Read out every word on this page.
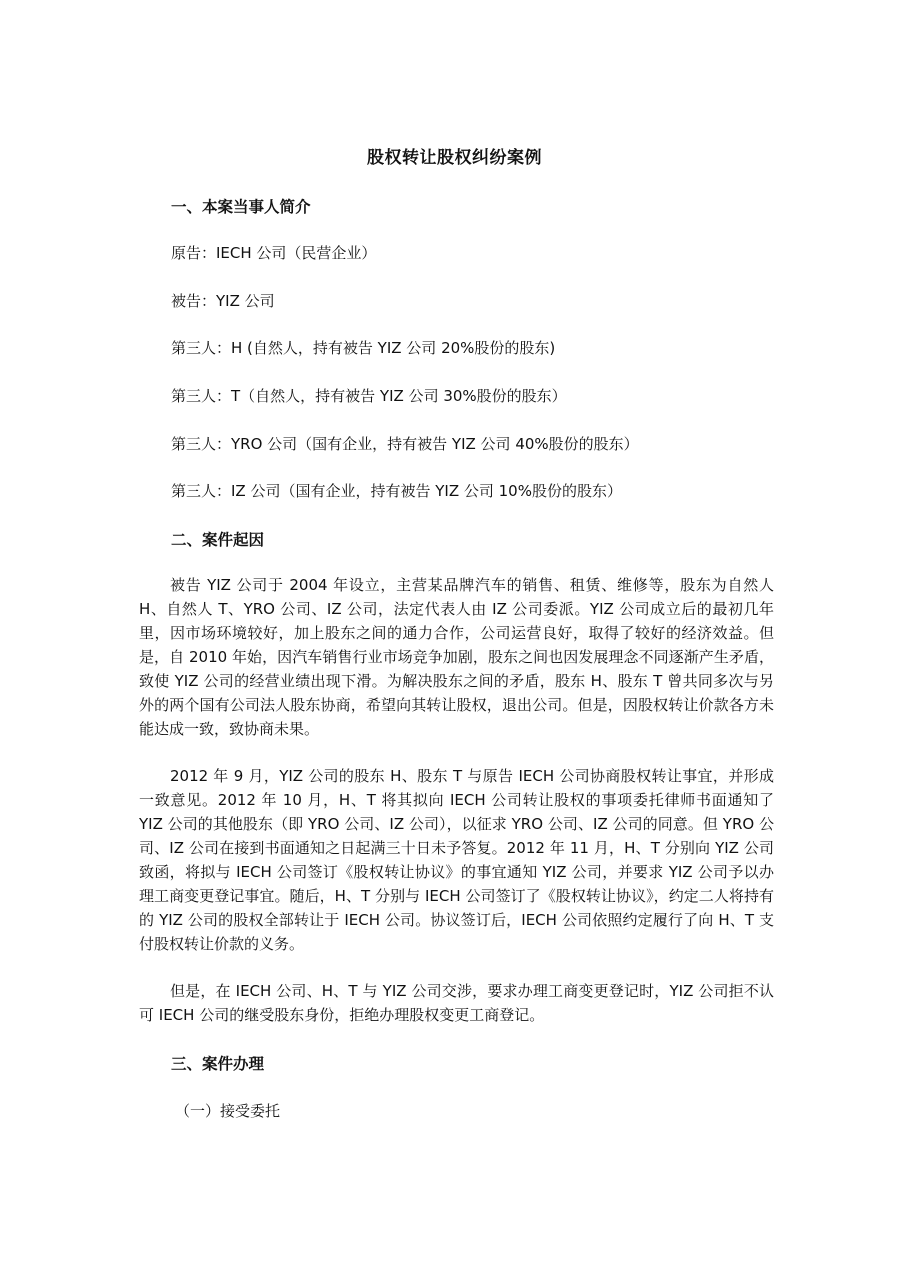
股权转让股权纠纷案例
一、本案当事人简介
原告：IECH 公司（民营企业）
被告：YIZ 公司
第三人：H (自然人，持有被告 YIZ 公司 20%股份的股东)
第三人：T（自然人，持有被告 YIZ 公司 30%股份的股东）
第三人：YRO 公司（国有企业，持有被告 YIZ 公司 40%股份的股东）
第三人：IZ 公司（国有企业，持有被告 YIZ 公司 10%股份的股东）
二、案件起因
被告 YIZ 公司于 2004 年设立，主营某品牌汽车的销售、租赁、维修等，股东为自然人 H、自然人 T、YRO 公司、IZ 公司，法定代表人由 IZ 公司委派。YIZ 公司成立后的最初几年里，因市场环境较好，加上股东之间的通力合作，公司运营良好，取得了较好的经济效益。但是，自 2010 年始，因汽车销售行业市场竞争加剧，股东之间也因发展理念不同逐渐产生矛盾，致使 YIZ 公司的经营业绩出现下滑。为解决股东之间的矛盾，股东 H、股东 T 曾共同多次与另外的两个国有公司法人股东协商，希望向其转让股权，退出公司。但是，因股权转让价款各方未能达成一致，致协商未果。
2012 年 9 月，YIZ 公司的股东 H、股东 T 与原告 IECH 公司协商股权转让事宜，并形成一致意见。2012 年 10 月，H、T 将其拟向 IECH 公司转让股权的事项委托律师书面通知了 YIZ 公司的其他股东（即 YRO 公司、IZ 公司），以征求 YRO 公司、IZ 公司的同意。但 YRO 公司、IZ 公司在接到书面通知之日起满三十日未予答复。2012 年 11 月，H、T 分别向 YIZ 公司致函，将拟与 IECH 公司签订《股权转让协议》的事宜通知 YIZ 公司，并要求 YIZ 公司予以办理工商变更登记事宜。随后，H、T 分别与 IECH 公司签订了《股权转让协议》，约定二人将持有的 YIZ 公司的股权全部转让于 IECH 公司。协议签订后，IECH 公司依照约定履行了向 H、T 支付股权转让价款的义务。
但是，在 IECH 公司、H、T 与 YIZ 公司交涉，要求办理工商变更登记时，YIZ 公司拒不认可 IECH 公司的继受股东身份，拒绝办理股权变更工商登记。
三、案件办理
（一）接受委托
